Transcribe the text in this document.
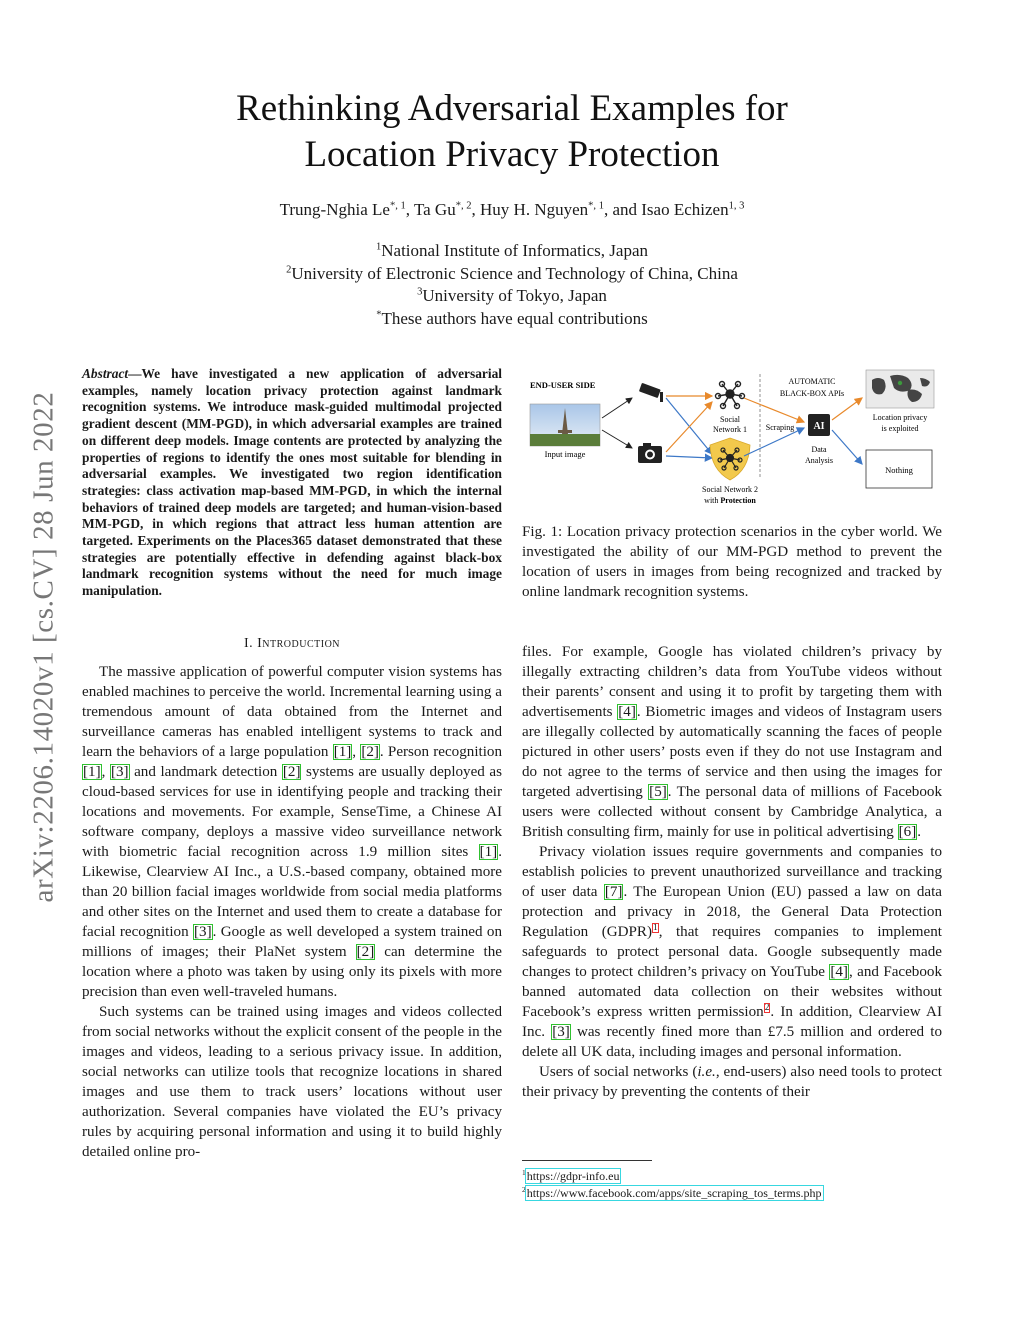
Rethinking Adversarial Examples for
Location Privacy Protection
Trung-Nghia $Le^{*, 1}$, Ta $Gu^{*, 2}$, Huy H. Nguyen$^{*, 1}$, and Isao Echizen$^{1, 3}$
$^1$National Institute of Informatics, Japan
$^2$University of Electronic Science and Technology of China, China
$^3$University of Tokyo, Japan
*These authors have equal contributions
arXiv:2206.14020v1 [cs.CV] 28 Jun 2022
Abstract—We have investigated a new application of adversarial examples, namely location privacy protection against landmark recognition systems. We introduce mask-guided multimodal projected gradient descent (MM-PGD), in which adversarial examples are trained on different deep models. Image contents are protected by analyzing the properties of regions to identify the ones most suitable for blending in adversarial examples. We investigated two region identification strategies: class activation map-based MM-PGD, in which the internal behaviors of trained deep models are targeted; and human-vision-based MM-PGD, in which regions that attract less human attention are targeted. Experiments on the Places365 dataset demonstrated that these strategies are potentially effective in defending against black-box landmark recognition systems without the need for much image manipulation.
I. Introduction

The massive application of powerful computer vision systems has enabled machines to perceive the world. Incremental learning using a tremendous amount of data obtained from the Internet and surveillance cameras has enabled intelligent systems to track and learn the behaviors of a large population [1], [2]. Person recognition [1], [3] and landmark detection [2] systems are usually deployed as cloud-based services for use in identifying people and tracking their locations and movements. For example, SenseTime, a Chinese AI software company, deploys a massive video surveillance network with biometric facial recognition across 1.9 million sites [1]. Likewise, Clearview AI Inc., a U.S.-based company, obtained more than 20 billion facial images worldwide from social media platforms and other sites on the Internet and used them to create a database for facial recognition [3]. Google as well developed a system trained on millions of images; their PlaNet system [2] can determine the location where a photo was taken by using only its pixels with more precision than even well-traveled humans.

Such systems can be trained using images and videos collected from social networks without the explicit consent of the people in the images and videos, leading to a serious privacy issue. In addition, social networks can utilize tools that recognize locations in shared images and use them to track users’ locations without user authorization. Several companies have violated the EU’s privacy rules by acquiring personal information and using it to build highly detailed online pro-

END-USER SIDE	AUTOMATIC
BLACK-BOX APIs
Input image
Social
Network 1
Social Network 2
with Protection
Scraping AI
Data
Analysis
Location privacy
is exploited
Nothing
Fig. 1: Location privacy protection scenarios in the cyber world. We investigated the ability of our MM-PGD method to prevent the location of users in images from being recognized and tracked by online landmark recognition systems.

files. For example, Google has violated children’s privacy by illegally extracting children’s data from YouTube videos without their parents’ consent and using it to profit by targeting them with advertisements [4]. Biometric images and videos of Instagram users are illegally collected by automatically scanning the faces of people pictured in other users’ posts even if they do not use Instagram and do not agree to the terms of service and then using the images for targeted advertising [5]. The personal data of millions of Facebook users were collected without consent by Cambridge Analytica, a British consulting firm, mainly for use in political advertising [6].

Privacy violation issues require governments and companies to establish policies to prevent unauthorized surveillance and tracking of user data [7]. The European Union (EU) passed a law on data protection and privacy in 2018, the General Data Protection Regulation (GDPR)$^1$, that requires companies to implement safeguards to protect personal data. Google subsequently made changes to protect children’s privacy on YouTube [4], and Facebook banned automated data collection on their websites without Facebook’s express written permission$^2$. In addition, Clearview AI Inc. [3] was recently fined more than £7.5 million and ordered to delete all UK data, including images and personal information.

Users of social networks (i.e., end-users) also need tools to protect their privacy by preventing the contents of their

$^1$https://gdpr-info.eu
$^2$https://www.facebook.com/apps/site_scraping_tos_terms.php
